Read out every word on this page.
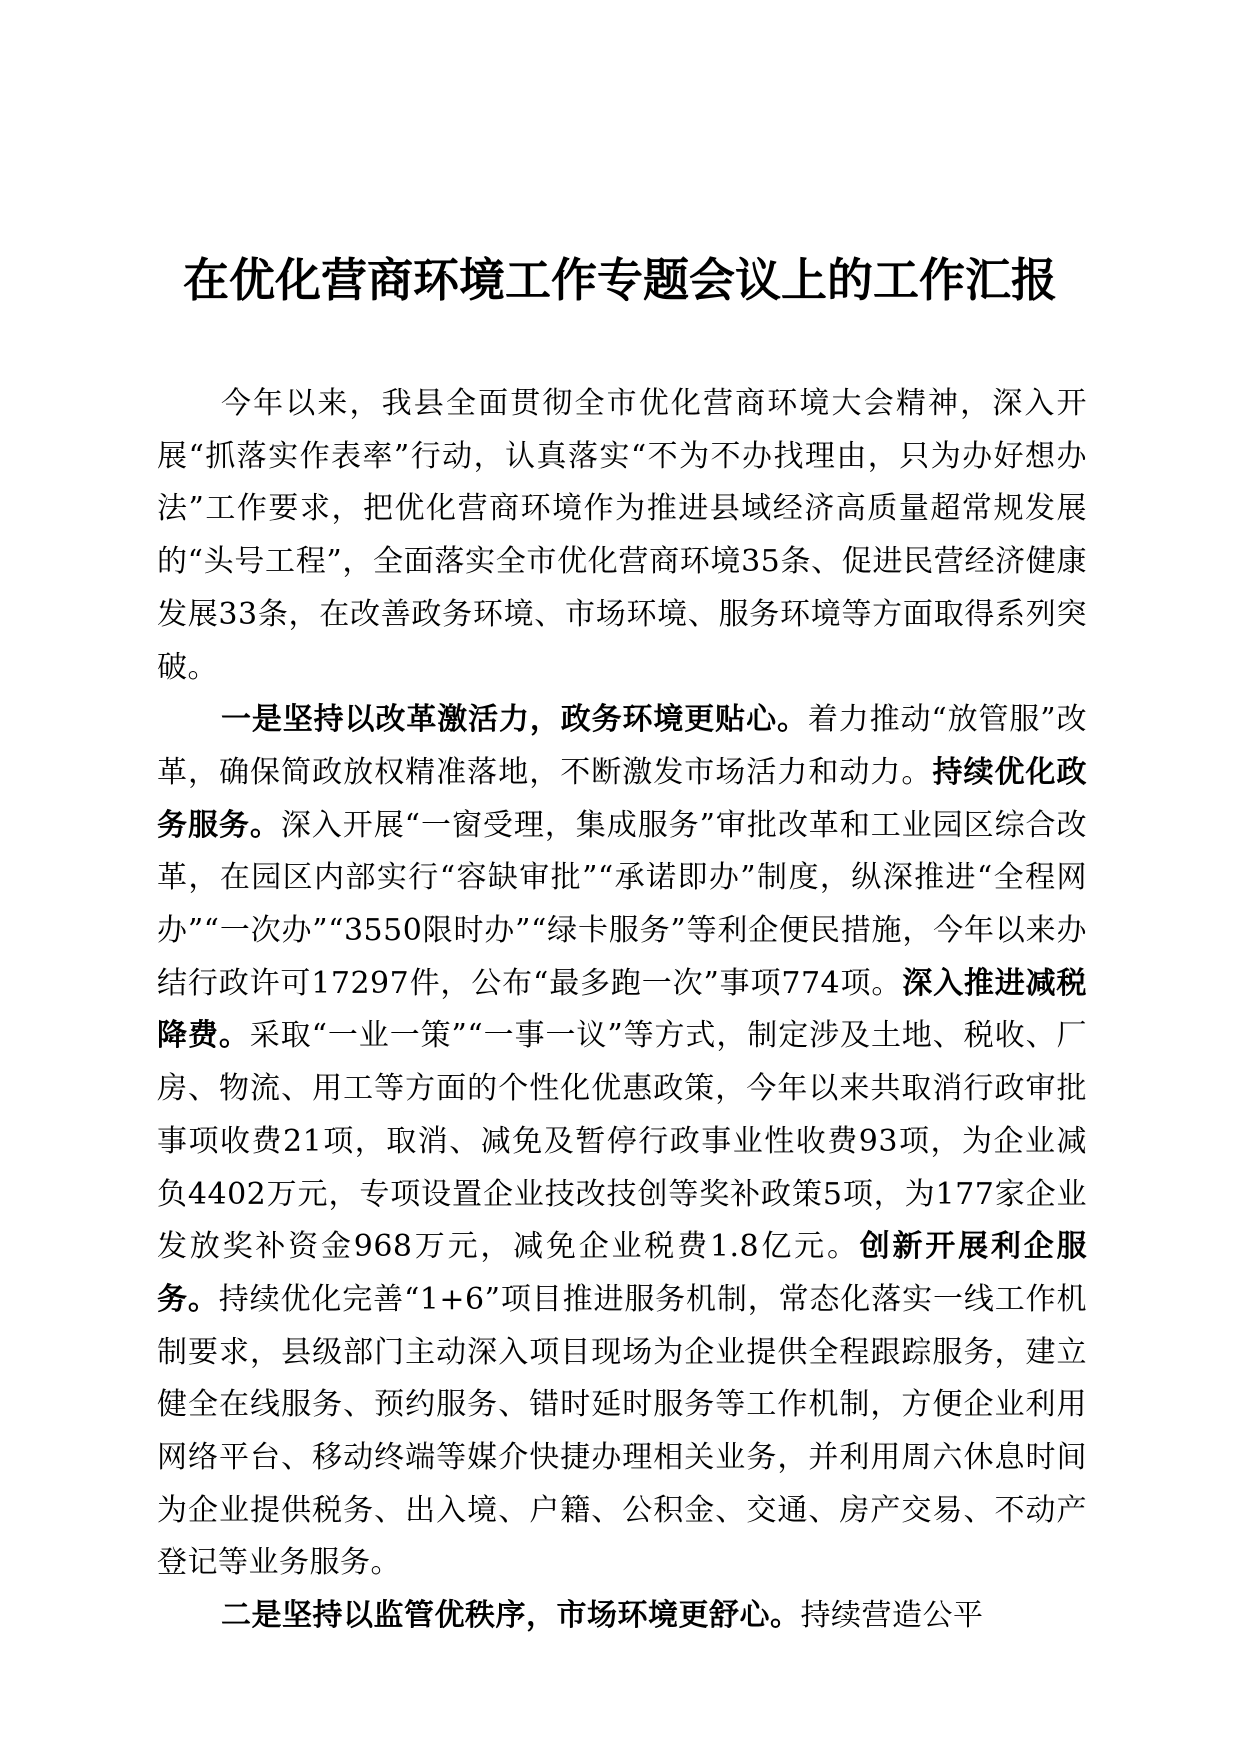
在优化营商环境工作专题会议上的工作汇报

今年以来，我县全面贯彻全市优化营商环境大会精神，深入开展“抓落实作表率”行动，认真落实“不为不办找理由，只为办好想办法”工作要求，把优化营商环境作为推进县域经济高质量超常规发展的“头号工程”，全面落实全市优化营商环境35条、促进民营经济健康发展33条，在改善政务环境、市场环境、服务环境等方面取得系列突破。

一是坚持以改革激活力，政务环境更贴心。着力推动“放管服”改革，确保简政放权精准落地，不断激发市场活力和动力。持续优化政务服务。深入开展“一窗受理，集成服务”审批改革和工业园区综合改革，在园区内部实行“容缺审批”“承诺即办”制度，纵深推进“全程网办”“一次办”“3550限时办”“绿卡服务”等利企便民措施，今年以来办结行政许可17297件，公布“最多跑一次”事项774项。深入推进减税降费。采取“一业一策”“一事一议”等方式，制定涉及土地、税收、厂房、物流、用工等方面的个性化优惠政策，今年以来共取消行政审批事项收费21项，取消、减免及暂停行政事业性收费93项，为企业减负4402万元，专项设置企业技改技创等奖补政策5项，为177家企业发放奖补资金968万元，减免企业税费1.8亿元。创新开展利企服务。持续优化完善“1+6”项目推进服务机制，常态化落实一线工作机制要求，县级部门主动深入项目现场为企业提供全程跟踪服务，建立健全在线服务、预约服务、错时延时服务等工作机制，方便企业利用网络平台、移动终端等媒介快捷办理相关业务，并利用周六休息时间为企业提供税务、出入境、户籍、公积金、交通、房产交易、不动产登记等业务服务。

二是坚持以监管优秩序，市场环境更舒心。持续营造公平
